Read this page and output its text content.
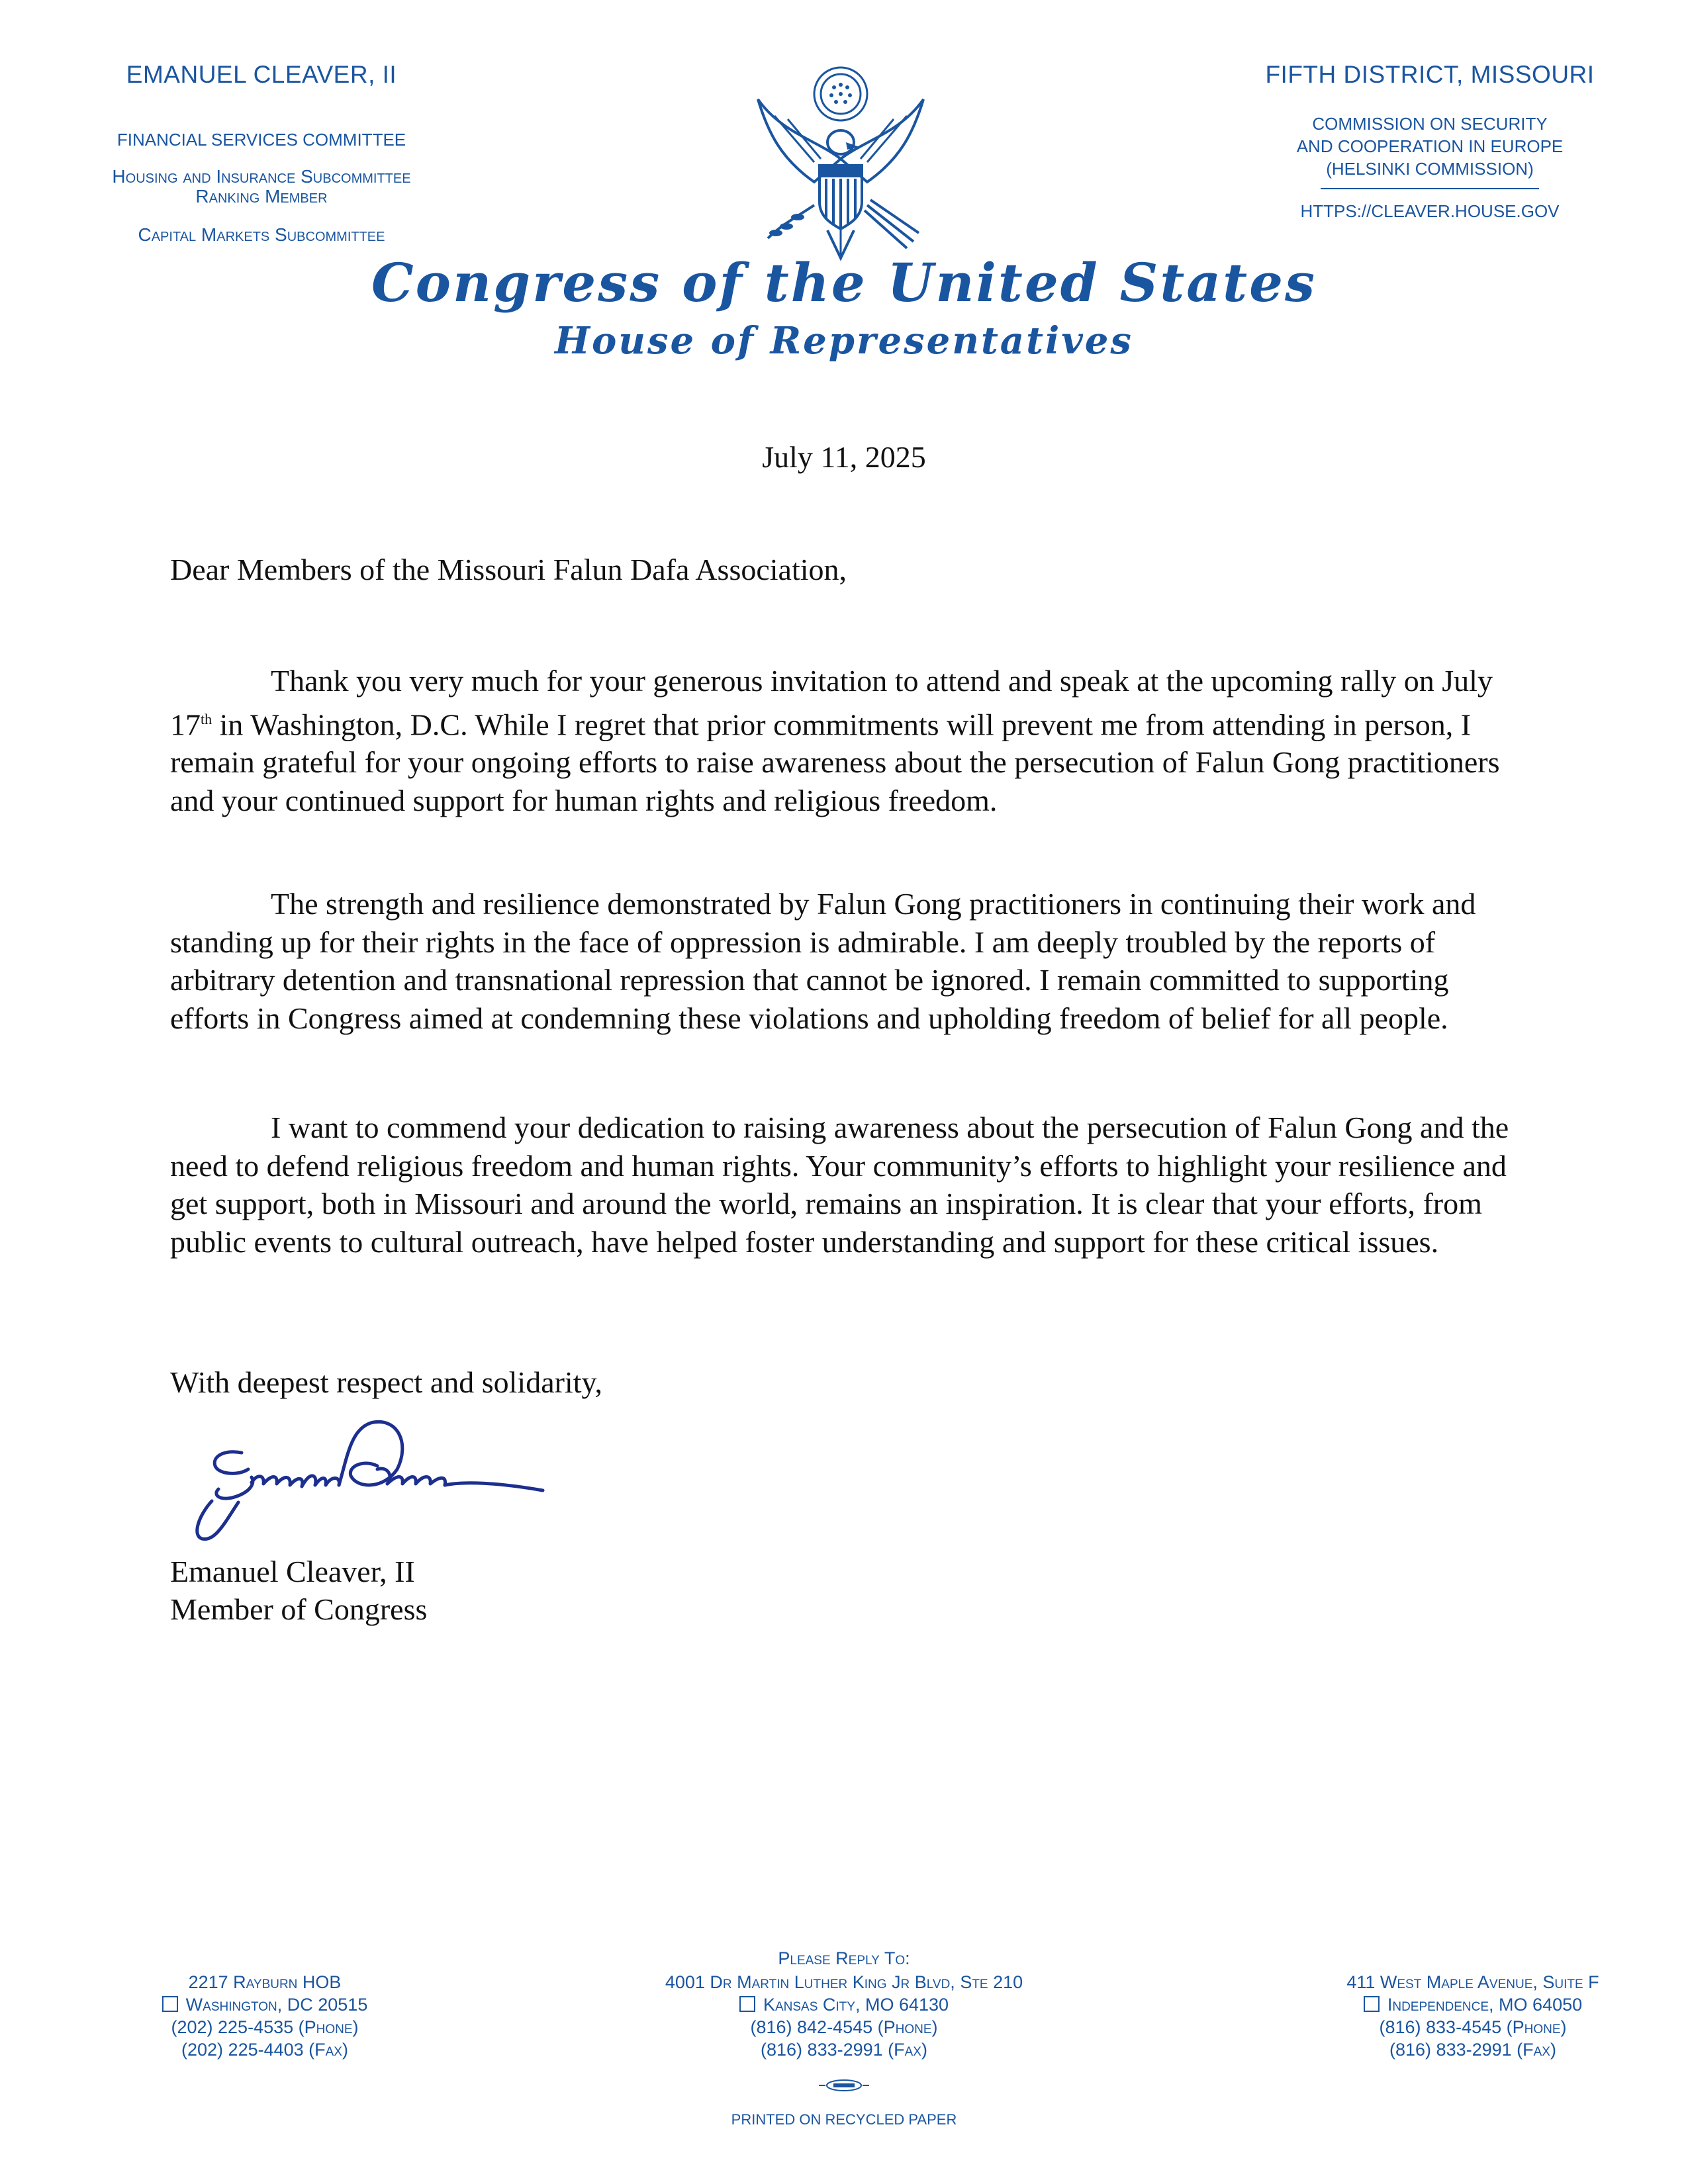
EMANUEL CLEAVER, II
FINANCIAL SERVICES COMMITTEE
Housing and Insurance Subcommittee
Ranking Member
Capital Markets Subcommittee
FIFTH DISTRICT, MISSOURI
COMMISSION ON SECURITY
AND COOPERATION IN EUROPE
(HELSINKI COMMISSION)
HTTPS://CLEAVER.HOUSE.GOV
Congress of the United States
House of Representatives
July 11, 2025
Dear Members of the Missouri Falun Dafa Association,

Thank you very much for your generous invitation to attend and speak at the upcoming rally on July 17th in Washington, D.C. While I regret that prior commitments will prevent me from attending in person, I remain grateful for your ongoing efforts to raise awareness about the persecution of Falun Gong practitioners and your continued support for human rights and religious freedom.

The strength and resilience demonstrated by Falun Gong practitioners in continuing their work and standing up for their rights in the face of oppression is admirable. I am deeply troubled by the reports of arbitrary detention and transnational repression that cannot be ignored. I remain committed to supporting efforts in Congress aimed at condemning these violations and upholding freedom of belief for all people.

I want to commend your dedication to raising awareness about the persecution of Falun Gong and the need to defend religious freedom and human rights. Your community’s efforts to highlight your resilience and get support, both in Missouri and around the world, remains an inspiration. It is clear that your efforts, from public events to cultural outreach, have helped foster understanding and support for these critical issues.

With deepest respect and solidarity,
Emanuel Cleaver, II
Member of Congress
Please Reply To:
2217 Rayburn HOB
Washington, DC 20515
(202) 225-4535 (Phone)
(202) 225-4403 (Fax)
4001 Dr Martin Luther King Jr Blvd, Ste 210
Kansas City, MO 64130
(816) 842-4545 (Phone)
(816) 833-2991 (Fax)
411 West Maple Avenue, Suite F
Independence, MO 64050
(816) 833-4545 (Phone)
(816) 833-2991 (Fax)
PRINTED ON RECYCLED PAPER
